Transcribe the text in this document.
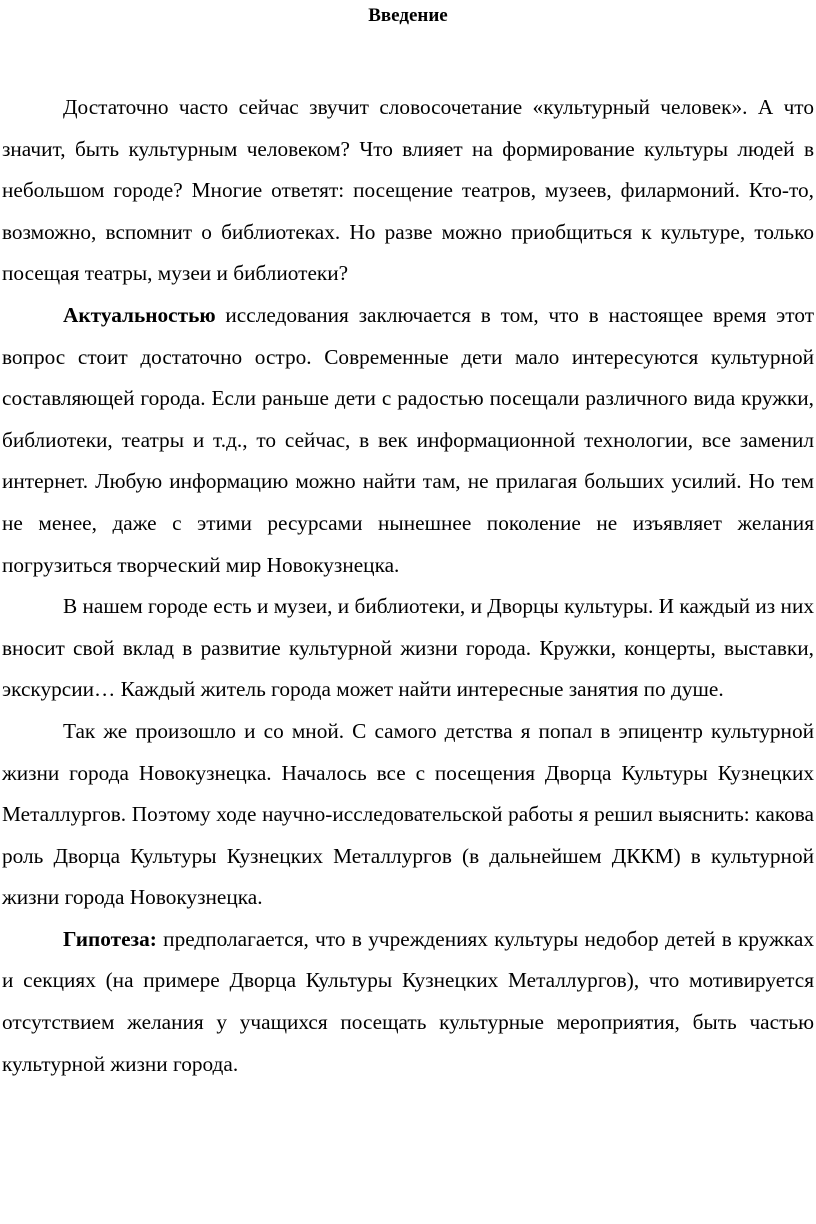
Введение

Достаточно часто сейчас звучит словосочетание «культурный человек». А что значит, быть культурным человеком? Что влияет на формирование культуры людей в небольшом городе? Многие ответят: посещение театров, музеев, филармоний. Кто-то, возможно, вспомнит о библиотеках. Но разве можно приобщиться к культуре, только посещая театры, музеи и библиотеки?

Актуальностью исследования заключается в том, что в настоящее время этот вопрос стоит достаточно остро. Современные дети мало интересуются культурной составляющей города. Если раньше дети с радостью посещали различного вида кружки, библиотеки, театры и т.д., то сейчас, в век информационной технологии, все заменил интернет. Любую информацию можно найти там, не прилагая больших усилий. Но тем не менее, даже с этими ресурсами нынешнее поколение не изъявляет желания погрузиться творческий мир Новокузнецка.

В нашем городе есть и музеи, и библиотеки, и Дворцы культуры. И каждый из них вносит свой вклад в развитие культурной жизни города. Кружки, концерты, выставки, экскурсии… Каждый житель города может найти интересные занятия по душе.

Так же произошло и со мной. С самого детства я попал в эпицентр культурной жизни города Новокузнецка. Началось все с посещения Дворца Культуры Кузнецких Металлургов. Поэтому ходе научно-исследовательской работы я решил выяснить: какова роль Дворца Культуры Кузнецких Металлургов (в дальнейшем ДККМ) в культурной жизни города Новокузнецка.

Гипотеза: предполагается, что в учреждениях культуры недобор детей в кружках и секциях (на примере Дворца Культуры Кузнецких Металлургов), что мотивируется отсутствием желания у учащихся посещать культурные мероприятия, быть частью культурной жизни города.
